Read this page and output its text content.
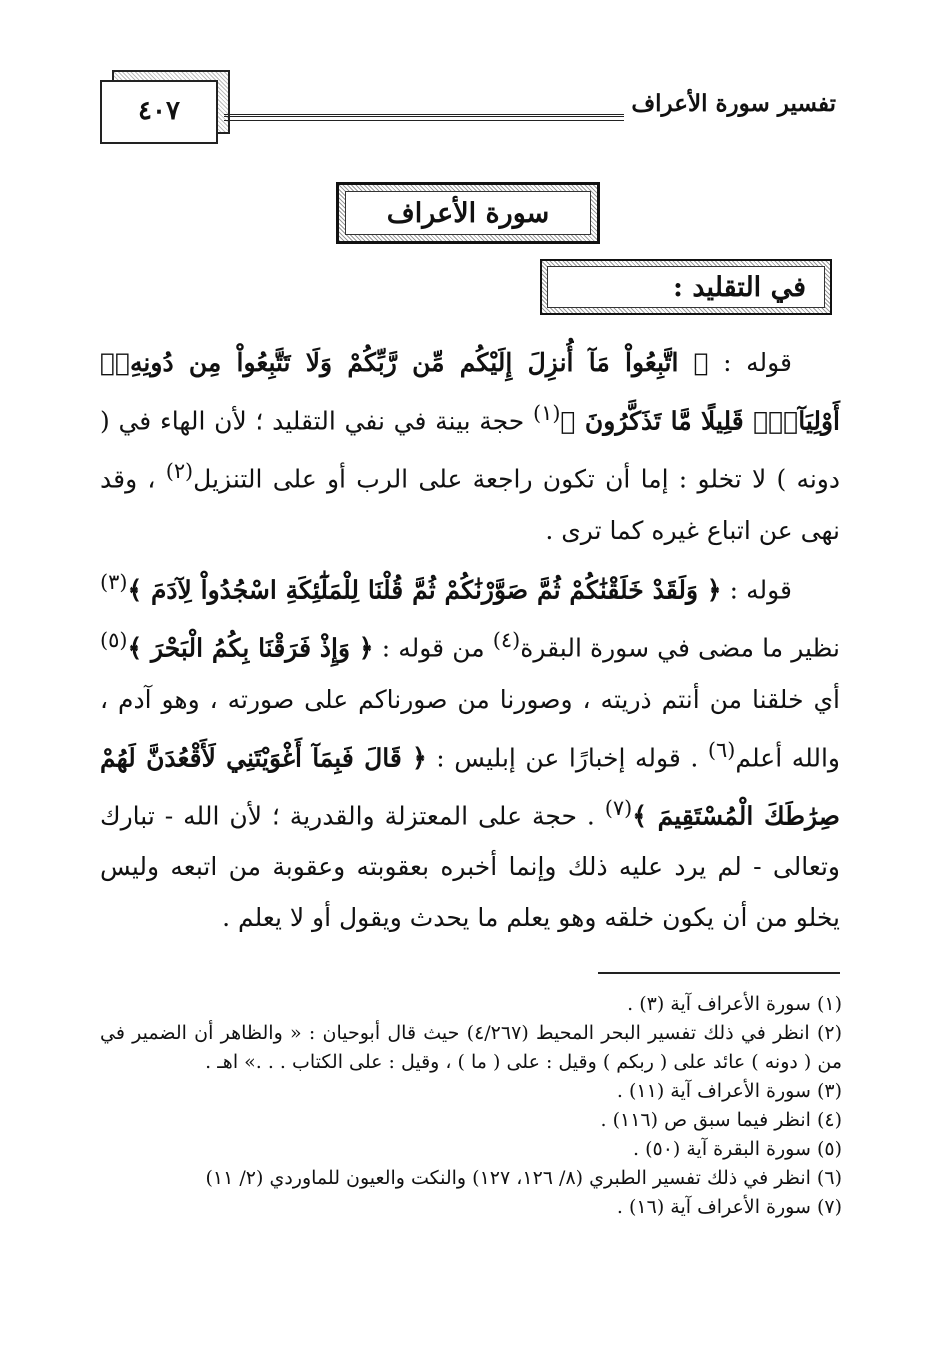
تفسير سورة الأعراف
٤٠٧
سورة الأعراف
في التقليد :

قوله : ﴿ اتَّبِعُواْ مَآ أُنزِلَ إِلَيْكُم مِّن رَّبِّكُمْ وَلَا تَتَّبِعُواْ مِن دُونِهِۦٓ أَوْلِيَآءَۗ قَلِيلًا مَّا تَذَكَّرُونَ ﴾$^{(١)}$ حجة بينة في نفي التقليد ؛ لأن الهاء في ( دونه ) لا تخلو : إما أن تكون راجعة على الرب أو على التنزيل$^{(٢)}$ ، وقد نهى عن اتباع غيره كما ترى .

قوله : ﴿ وَلَقَدْ خَلَقْنَٰكُمْ ثُمَّ صَوَّرْنَٰكُمْ ثُمَّ قُلْنَا لِلْمَلَٰٓئِكَةِ اسْجُدُواْ لِآدَمَ ﴾$^{(٣)}$ نظير ما مضى في سورة البقرة$^{(٤)}$ من قوله : ﴿ وَإِذْ فَرَقْنَا بِكُمُ الْبَحْرَ ﴾$^{(٥)}$ أي خلقنا من أنتم ذريته ، وصورنا من صورناكم على صورته ، وهو آدم ، والله أعلم$^{(٦)}$ . قوله إخبارًا عن إبليس : ﴿ قَالَ فَبِمَآ أَغْوَيْتَنِي لَأَقْعُدَنَّ لَهُمْ صِرَٰطَكَ الْمُسْتَقِيمَ ﴾$^{(٧)}$ . حجة على المعتزلة والقدرية ؛ لأن الله - تبارك وتعالى - لم يرد عليه ذلك وإنما أخبره بعقوبته وعقوبة من اتبعه وليس يخلو من أن يكون خلقه وهو يعلم ما يحدث ويقول أو لا يعلم .

(١) سورة الأعراف آية (٣) .

(٢) انظر في ذلك تفسير البحر المحيط (٤/٢٦٧) حيث قال أبوحيان : « والظاهر أن الضمير في من ( دونه ) عائد على ( ربكم ) وقيل : على ( ما ) ، وقيل : على الكتاب . . .» اهـ .

(٣) سورة الأعراف آية (١١) .

(٤) انظر فيما سبق ص (١١٦) .

(٥) سورة البقرة آية (٥٠) .

(٦) انظر في ذلك تفسير الطبري (٨/ ١٢٦، ١٢٧) والنكت والعيون للماوردي (٢/ ١١)

(٧) سورة الأعراف آية (١٦) .
